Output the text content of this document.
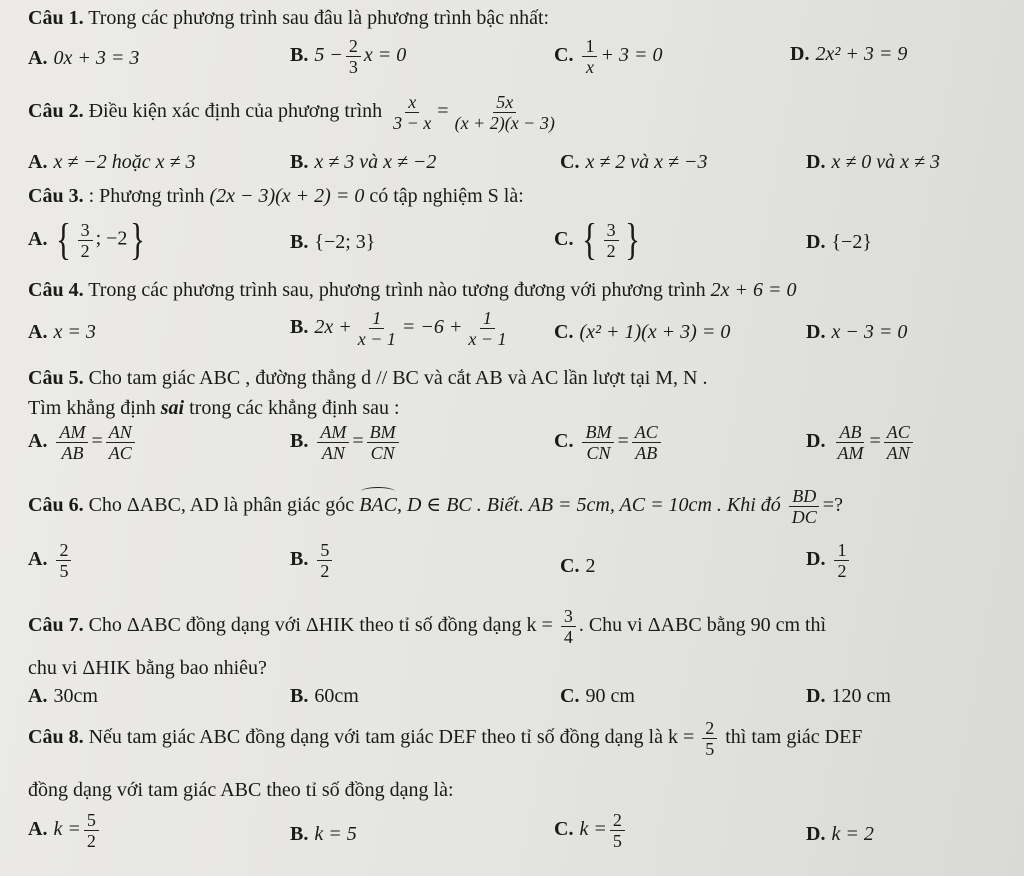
Câu 1. Trong các phương trình sau đâu là phương trình bậc nhất:
A. 0x + 3 = 3	B. $5 - \frac{2}{3}$ x = 0	C. $\frac{1}{x} + 3 = 0$	D. 2x² + 3 = 9
Câu 2. Điều kiện xác định của phương trình $\frac{x}{3 - x} = \frac{5x}{(x + 2)(x - 3)}$
A. x ≠ −2 hoặc x ≠ 3	B. x ≠ 3 và x ≠ −2	C. x ≠ 2 và x ≠ −3	D. x ≠ 0 và x ≠ 3
Câu 3. : Phương trình (2x − 3)(x + 2) = 0 có tập nghiệm S là:
A. { $\frac{3}{2}$ ; −2}	B. {−2; 3}	C. { $\frac{3}{2}$ }	D. {−2}
Câu 4. Trong các phương trình sau, phương trình nào tương đương với phương trình 2x + 6 = 0
A. x = 3	B. $2x + \frac{1}{x - 1} = -6 + \frac{1}{x - 1} C$. (x² + 1)(x + 3) = 0	D. x − 3 = 0
Câu 5. Cho tam giác ABC , đường thẳng d // BC và cắt AB và AC lần lượt tại M, N .
Tìm khẳng định sai trong các khẳng định sau :
A. $\frac{AM}{AB} = \frac{AN}{AC}$	B. $\frac{AM}{AN} = \frac{BM}{CN}$	C. $\frac{BM}{CN} = \frac{AC}{AB}$	D. $\frac{AB}{AM} = \frac{AC}{AN}$
Câu 6. Cho ΔABC, AD là phân giác góc BAC, D ∈ BC . Biết. AB = 5cm, AC = 10cm . Khi đó $\frac{BD}{DC}$ =?
A. $\frac{2}{5}$	B. $\frac{5}{2}$	C. 2	D. $\frac{1}{2}$
Câu 7. Cho ΔABC đồng dạng với ΔHIK theo tỉ số đồng dạng $k = \frac{3}{4}$ . Chu vi ΔABC bằng 90 cm thì
chu vi ΔHIK bằng bao nhiêu?
A. 30cm	B. 60cm	C. 90 cm	D. 120 cm
Câu 8. Nếu tam giác ABC đồng dạng với tam giác DEF theo tỉ số đồng dạng là $k = \frac{2}{5}$ thì tam giác DEF
đồng dạng với tam giác ABC theo tỉ số đồng dạng là:
A. $k = \frac{5}{2}$	B. k = 5	C. $k = \frac{2}{5}$	D. k = 2
